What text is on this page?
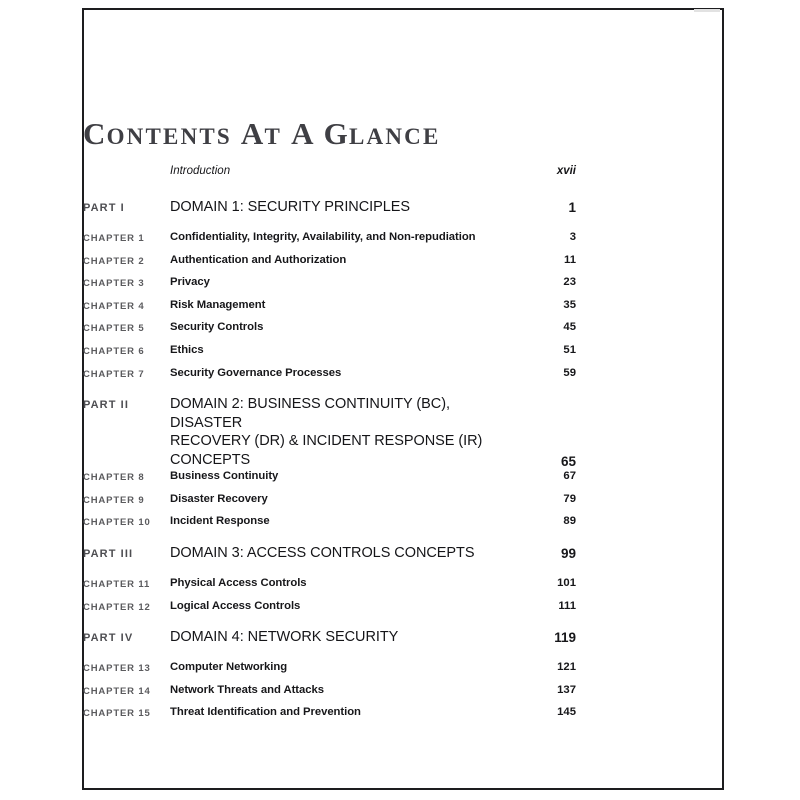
CONTENTS AT A GLANCE
Introduction	xvii
PART I	DOMAIN 1: SECURITY PRINCIPLES	1
CHAPTER 1	Confidentiality, Integrity, Availability, and Non-repudiation	3
CHAPTER 2	Authentication and Authorization	11
CHAPTER 3	Privacy	23
CHAPTER 4	Risk Management	35
CHAPTER 5	Security Controls	45
CHAPTER 6	Ethics	51
CHAPTER 7	Security Governance Processes	59
PART II	DOMAIN 2: BUSINESS CONTINUITY (BC), DISASTER
RECOVERY (DR) & INCIDENT RESPONSE (IR) CONCEPTS	65
CHAPTER 8	Business Continuity	67
CHAPTER 9	Disaster Recovery	79
CHAPTER 10	Incident Response	89
PART III	DOMAIN 3: ACCESS CONTROLS CONCEPTS	99
CHAPTER 11	Physical Access Controls	101
CHAPTER 12	Logical Access Controls	111
PART IV	DOMAIN 4: NETWORK SECURITY	119
CHAPTER 13	Computer Networking	121
CHAPTER 14	Network Threats and Attacks	137
CHAPTER 15	Threat Identification and Prevention	145
